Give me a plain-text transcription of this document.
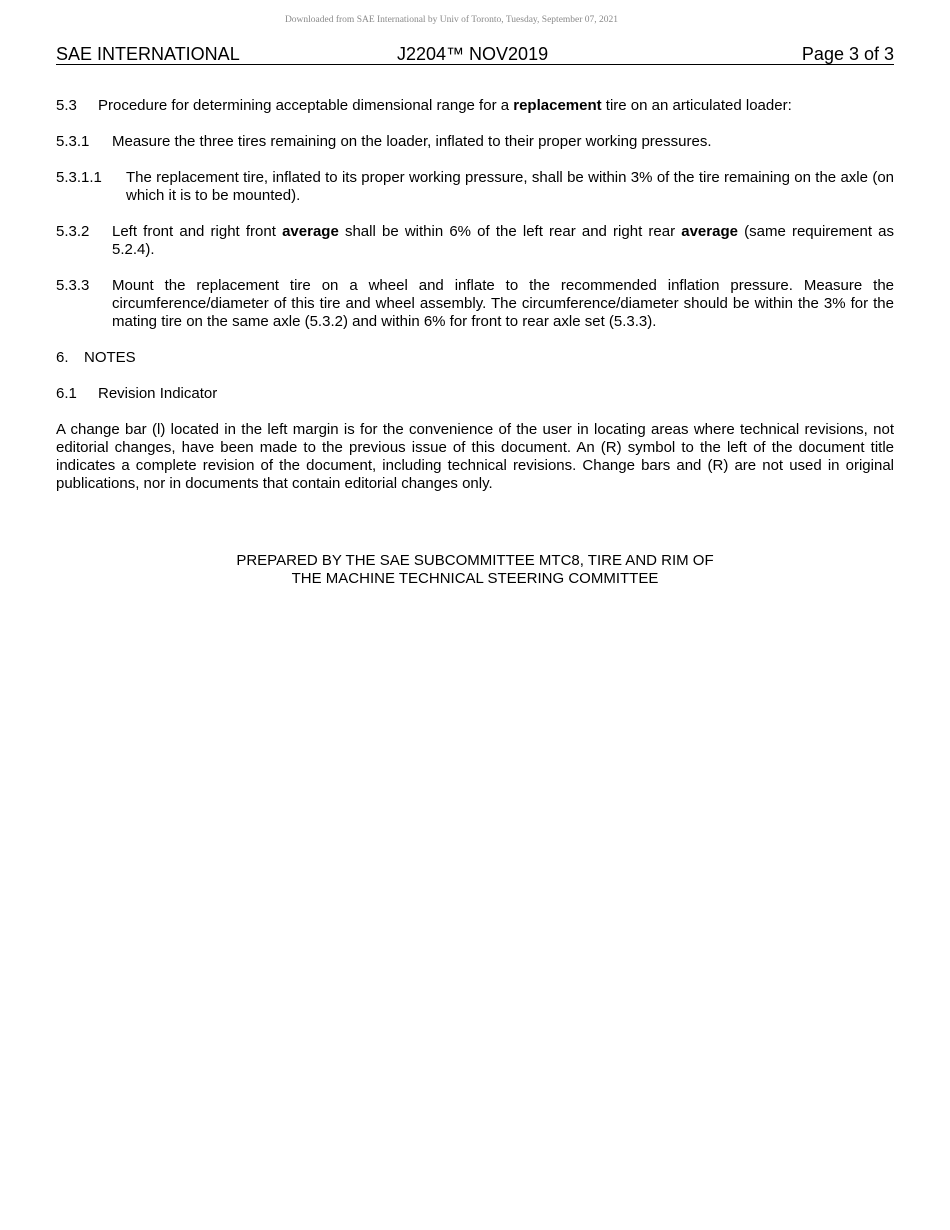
Downloaded from SAE International by Univ of Toronto, Tuesday, September 07, 2021
SAE INTERNATIONAL	J2204™ NOV2019	Page 3 of 3
5.3	Procedure for determining acceptable dimensional range for a replacement tire on an articulated loader:
5.3.1	Measure the three tires remaining on the loader, inflated to their proper working pressures.
5.3.1.1	The replacement tire, inflated to its proper working pressure, shall be within 3% of the tire remaining on the axle (on which it is to be mounted).
5.3.2	Left front and right front average shall be within 6% of the left rear and right rear average (same requirement as 5.2.4).
5.3.3	Mount the replacement tire on a wheel and inflate to the recommended inflation pressure. Measure the circumference/diameter of this tire and wheel assembly. The circumference/diameter should be within the 3% for the mating tire on the same axle (5.3.2) and within 6% for front to rear axle set (5.3.3).
6.	NOTES
6.1	Revision Indicator
A change bar (l) located in the left margin is for the convenience of the user in locating areas where technical revisions, not editorial changes, have been made to the previous issue of this document. An (R) symbol to the left of the document title indicates a complete revision of the document, including technical revisions. Change bars and (R) are not used in original publications, nor in documents that contain editorial changes only.
PREPARED BY THE SAE SUBCOMMITTEE MTC8, TIRE AND RIM OF
THE MACHINE TECHNICAL STEERING COMMITTEE
